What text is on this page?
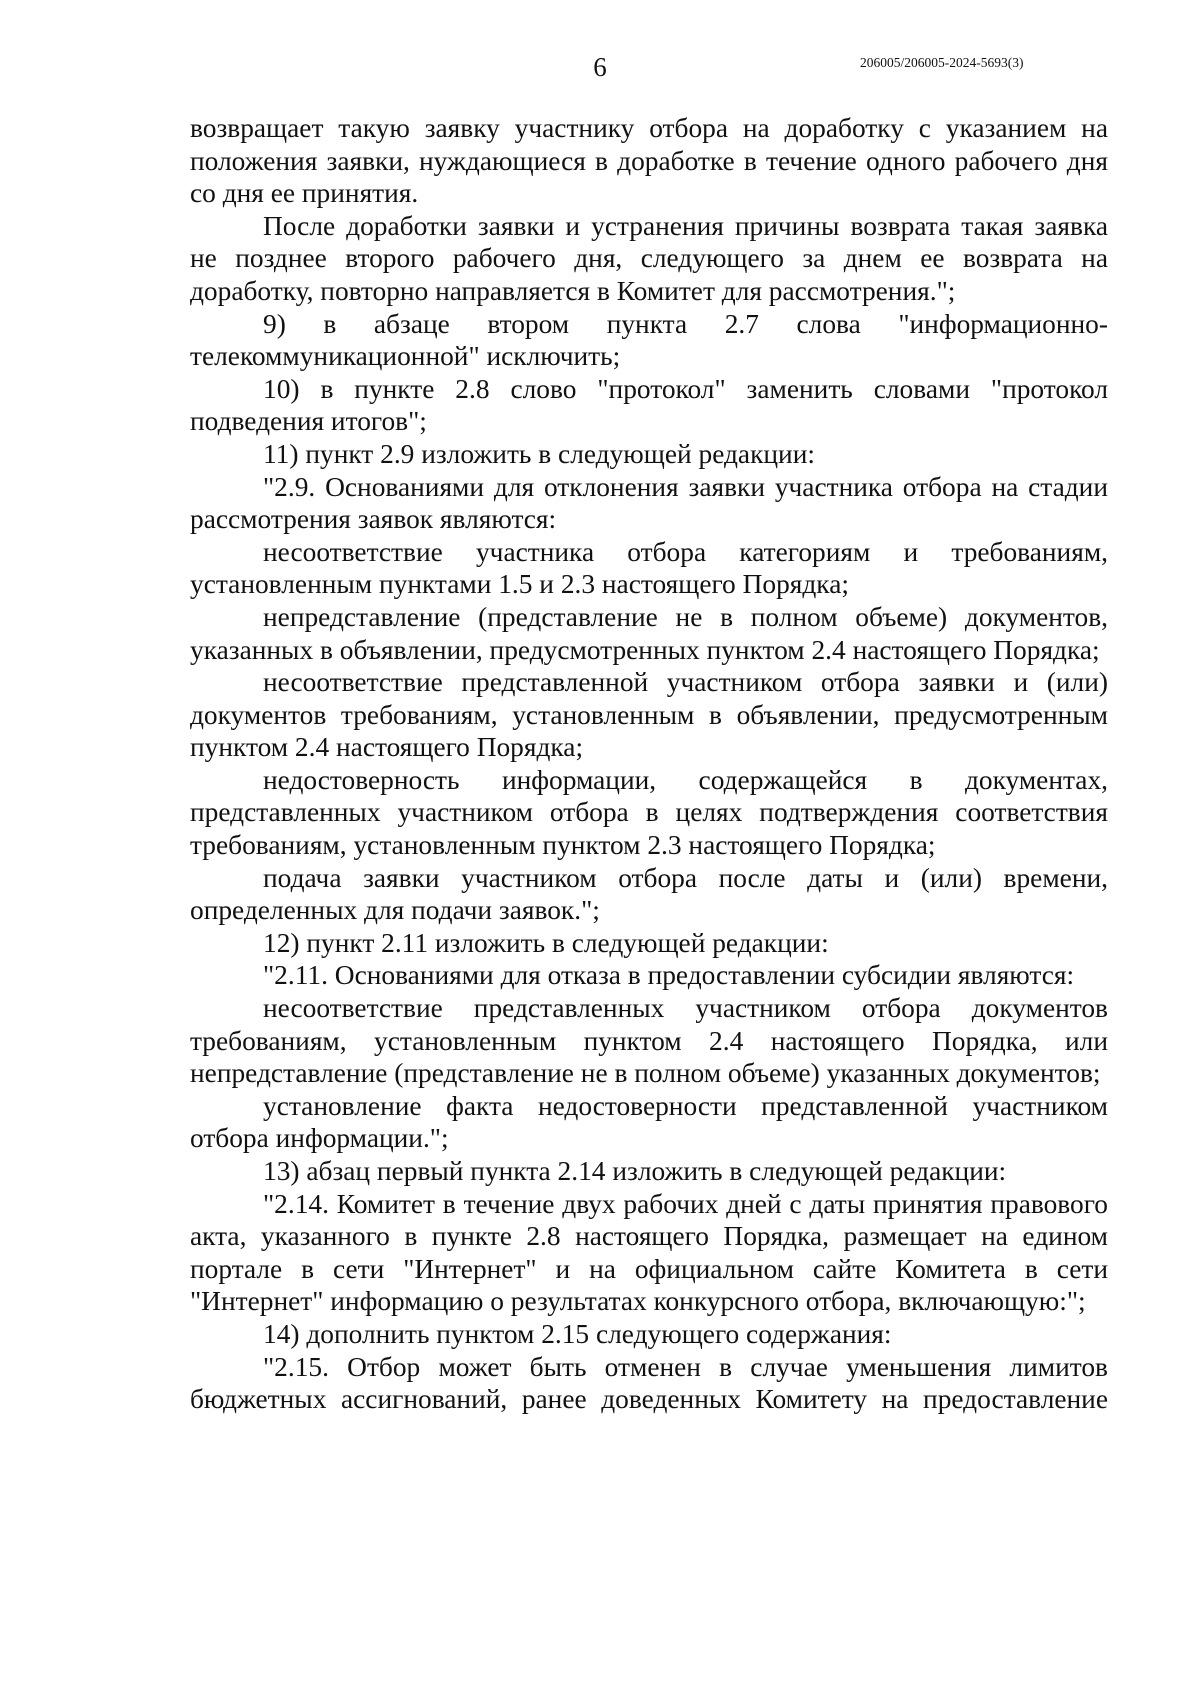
6	206005/206005-2024-5693(3)

возвращает такую заявку участнику отбора на доработку с указанием на положения заявки, нуждающиеся в доработке в течение одного рабочего дня со дня ее принятия.

После доработки заявки и устранения причины возврата такая заявка не позднее второго рабочего дня, следующего за днем ее возврата на доработку, повторно направляется в Комитет для рассмотрения.";

9) в абзаце втором пункта 2.7 слова "информационно-телекоммуникационной" исключить;

10) в пункте 2.8 слово "протокол" заменить словами "протокол подведения итогов";

11) пункт 2.9 изложить в следующей редакции:

"2.9. Основаниями для отклонения заявки участника отбора на стадии рассмотрения заявок являются:

несоответствие участника отбора категориям и требованиям, установленным пунктами 1.5 и 2.3 настоящего Порядка;

непредставление (представление не в полном объеме) документов, указанных в объявлении, предусмотренных пунктом 2.4 настоящего Порядка;

несоответствие представленной участником отбора заявки и (или) документов требованиям, установленным в объявлении, предусмотренным пунктом 2.4 настоящего Порядка;

недостоверность информации, содержащейся в документах, представленных участником отбора в целях подтверждения соответствия требованиям, установленным пунктом 2.3 настоящего Порядка;

подача заявки участником отбора после даты и (или) времени, определенных для подачи заявок.";

12) пункт 2.11 изложить в следующей редакции:

"2.11. Основаниями для отказа в предоставлении субсидии являются:

несоответствие представленных участником отбора документов требованиям, установленным пунктом 2.4 настоящего Порядка, или непредставление (представление не в полном объеме) указанных документов;

установление факта недостоверности представленной участником отбора информации.";

13) абзац первый пункта 2.14 изложить в следующей редакции:

"2.14. Комитет в течение двух рабочих дней с даты принятия правового акта, указанного в пункте 2.8 настоящего Порядка, размещает на едином портале в сети "Интернет" и на официальном сайте Комитета в сети "Интернет" информацию о результатах конкурсного отбора, включающую:";

14) дополнить пунктом 2.15 следующего содержания:

"2.15. Отбор может быть отменен в случае уменьшения лимитов бюджетных ассигнований, ранее доведенных Комитету на предоставление
